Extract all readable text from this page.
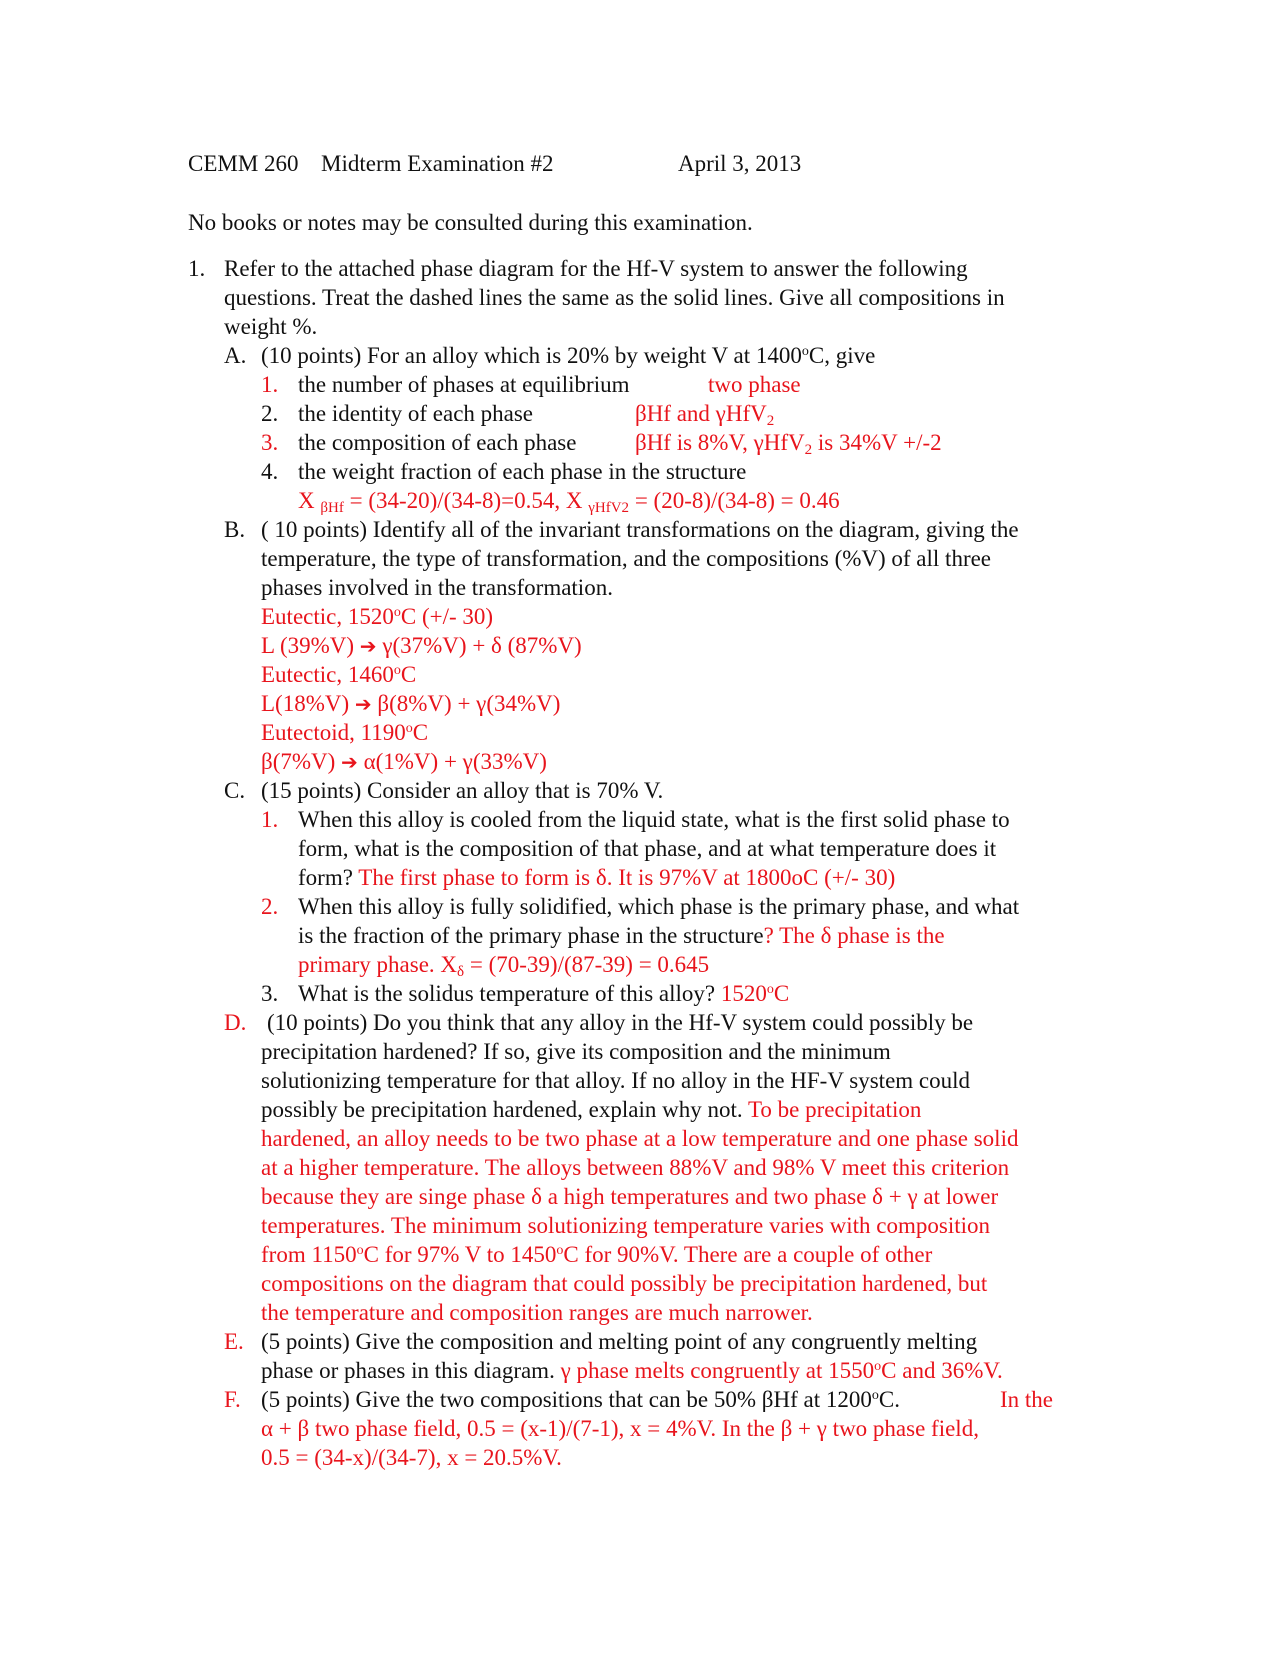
CEMM 260 Midterm Examination #2	April 3, 2013
No books or notes may be consulted during this examination.
1. Refer to the attached phase diagram for the Hf-V system to answer the following
questions. Treat the dashed lines the same as the solid lines. Give all compositions in
weight %.
A. (10 points) For an alloy which is 20% by weight V at 1400$^o$C, give
1. the number of phases at equilibrium	two phase
2. the identity of each phase	βHf and γHfV$_2$
3. the composition of each phase	βHf is 8%V, γHfV$_2$ is 34%V +/-2
4. the weight fraction of each phase in the structure
X $_{\beta Hf}$ = (34-20)/(34-8)=0.54, X $_{\gamma HfV2}$ = (20-8)/(34-8) = 0.46
B. ( 10 points) Identify all of the invariant transformations on the diagram, giving the
temperature, the type of transformation, and the compositions (%V) of all three
phases involved in the transformation.
Eutectic, 1520$^o$C (+/- 30)
L (39%V) ➔ γ(37%V) + δ (87%V)
Eutectic, 1460$^o$C
L(18%V) ➔ β(8%V) + γ(34%V)
Eutectoid, 1190$^o$C
β(7%V) ➔ α(1%V) + γ(33%V)
C. (15 points) Consider an alloy that is 70% V.
1. When this alloy is cooled from the liquid state, what is the first solid phase to
form, what is the composition of that phase, and at what temperature does it
form? The first phase to form is δ. It is 97%V at 1800oC (+/- 30)
2. When this alloy is fully solidified, which phase is the primary phase, and what
is the fraction of the primary phase in the structure? The δ phase is the
primary phase. $X_\delta = (70-39)/(87-39) = 0.645$
3. What is the solidus temperature of this alloy? 1520$^o$C
D. (10 points) Do you think that any alloy in the Hf-V system could possibly be
precipitation hardened? If so, give its composition and the minimum
solutionizing temperature for that alloy. If no alloy in the HF-V system could
possibly be precipitation hardened, explain why not. To be precipitation
hardened, an alloy needs to be two phase at a low temperature and one phase solid
at a higher temperature. The alloys between 88%V and 98% V meet this criterion
because they are singe phase δ a high temperatures and two phase δ + γ at lower
temperatures. The minimum solutionizing temperature varies with composition
from 1150$^o$C for 97% V to 1450$^o$C for 90%V. There are a couple of other
compositions on the diagram that could possibly be precipitation hardened, but
the temperature and composition ranges are much narrower.
E. (5 points) Give the composition and melting point of any congruently melting
phase or phases in this diagram. γ phase melts congruently at 1550$^o$C and 36%V.
F. (5 points) Give the two compositions that can be 50% βHf at 1200$^o$C.	In the
α + β two phase field, 0.5 = (x-1)/(7-1), x = 4%V. In the β + γ two phase field,
0.5 = (34-x)/(34-7), x = 20.5%V.
